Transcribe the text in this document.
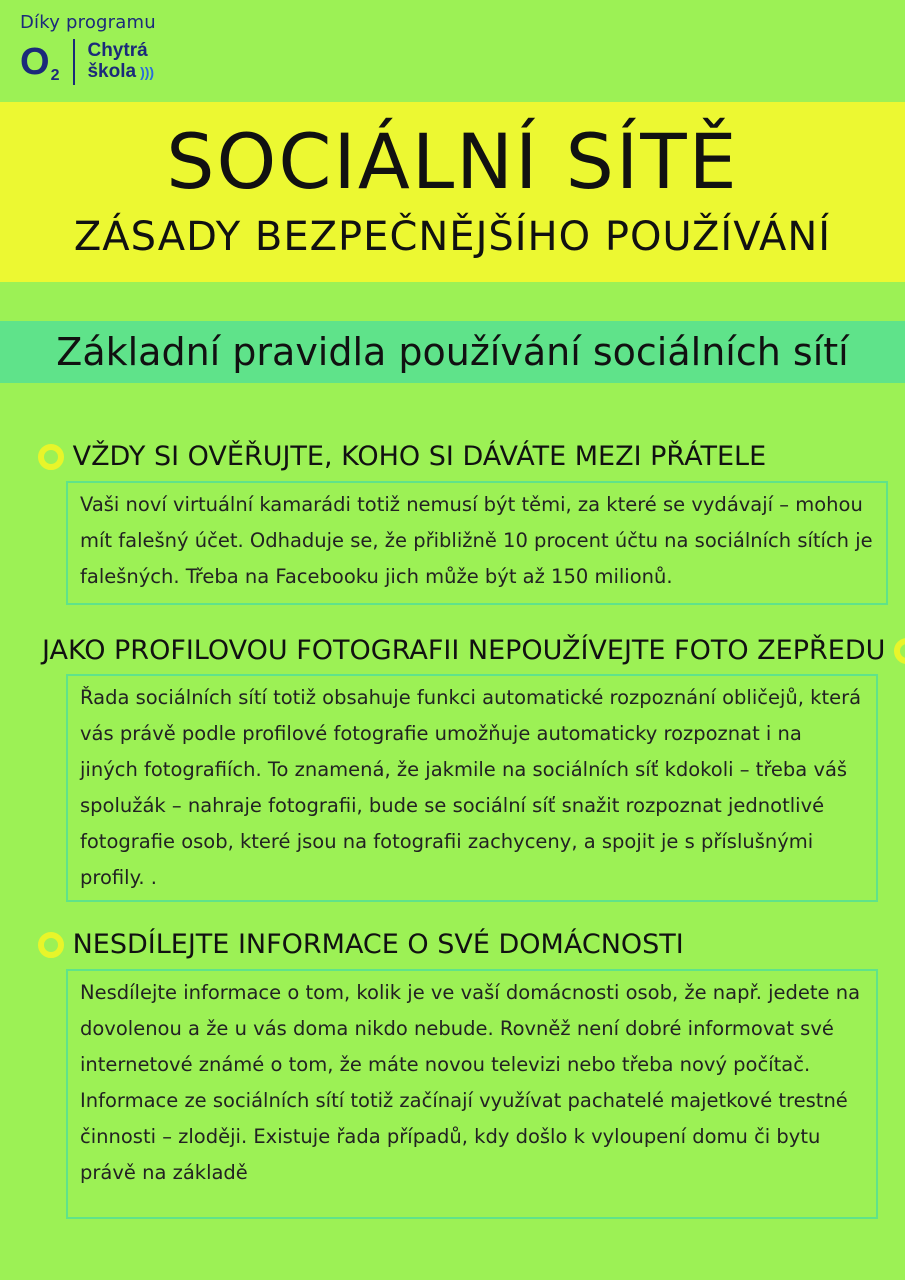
Díky programu
$O_2$
Chytrá
škola )))
SOCIÁLNÍ SÍTĚ
ZÁSADY BEZPEČNĚJŠÍHO POUŽÍVÁNÍ
Základní pravidla používání sociálních sítí
VŽDY SI OVĚŘUJTE, KOHO SI DÁVÁTE MEZI PŘÁTELE
Vaši noví virtuální kamarádi totiž nemusí být těmi, za které se vydávají – mohou mít falešný účet. Odhaduje se, že přibližně 10 procent účtu na sociálních sítích je falešných. Třeba na Facebooku jich může být až 150 milionů.
JAKO PROFILOVOU FOTOGRAFII NEPOUŽÍVEJTE FOTO ZEPŘEDU
Řada sociálních sítí totiž obsahuje funkci automatické rozpoznání obličejů, která vás právě podle profilové fotografie umožňuje automaticky rozpoznat i na jiných fotografiích. To znamená, že jakmile na sociálních síť kdokoli – třeba váš spolužák – nahraje fotografii, bude se sociální síť snažit rozpoznat jednotlivé fotografie osob, které jsou na fotografii zachyceny, a spojit je s příslušnými profily. .
NESDÍLEJTE INFORMACE O SVÉ DOMÁCNOSTI
Nesdílejte informace o tom, kolik je ve vaší domácnosti osob, že např. jedete na dovolenou a že u vás doma nikdo nebude. Rovněž není dobré informovat své internetové známé o tom, že máte novou televizi nebo třeba nový počítač. Informace ze sociálních sítí totiž začínají využívat pachatelé majetkové trestné činnosti – zloději. Existuje řada případů, kdy došlo k vyloupení domu či bytu právě na základě
